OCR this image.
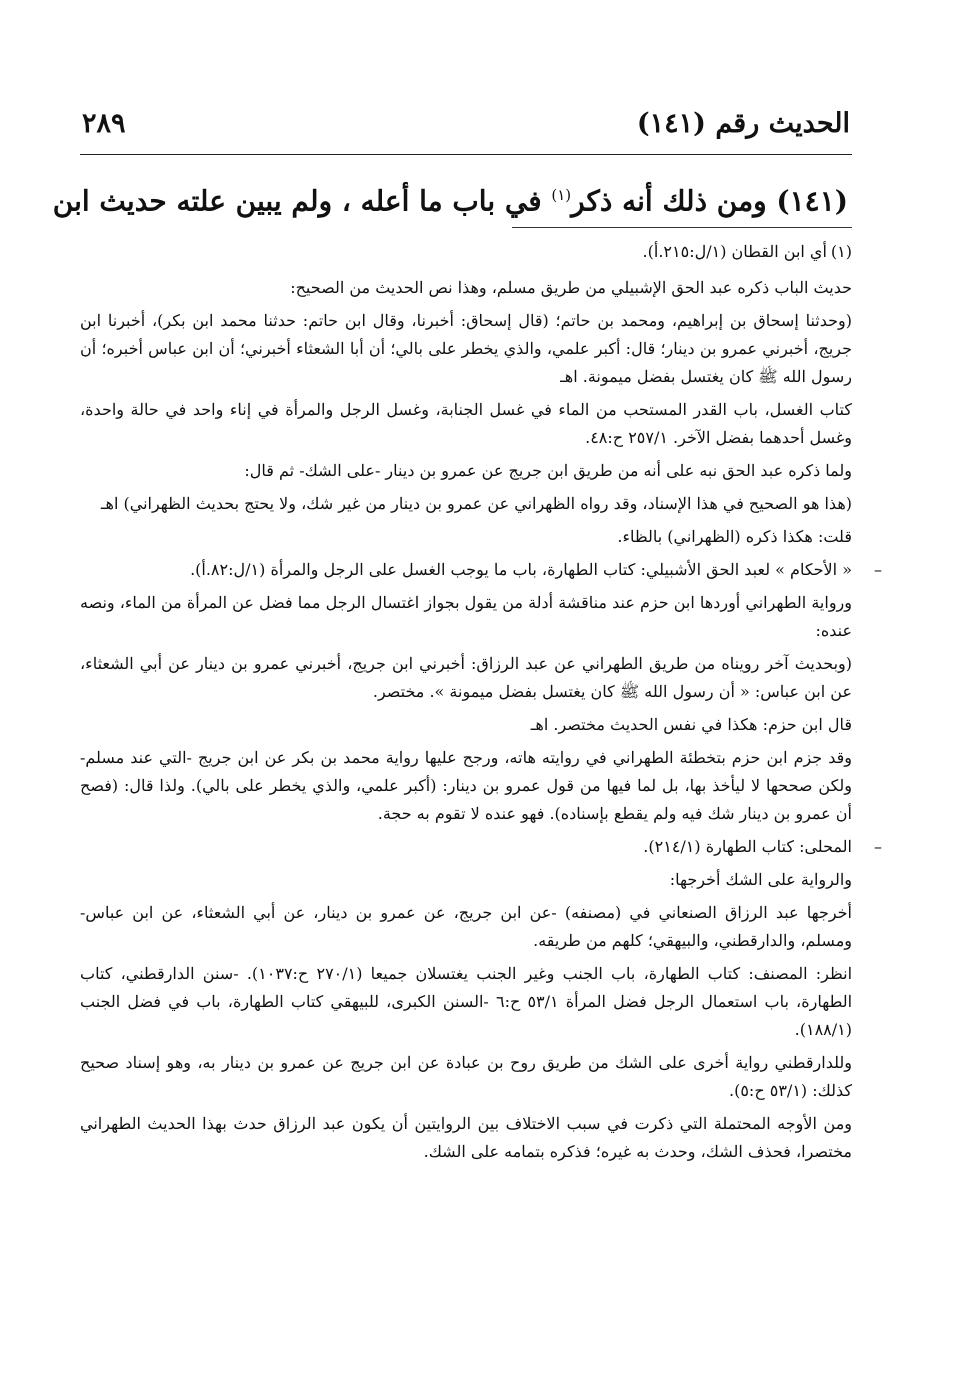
الحديث رقم (١٤١)
٢٨٩
(١٤١) ومن ذلك أنه ذكر$^{(١)}$ في باب ما أعله ، ولم يبين علته حديث ابن

(١)أي ابن القطان (١/ل:٢١٥.أ).

حديث الباب ذكره عبد الحق الإشبيلي من طريق مسلم، وهذا نص الحديث من الصحيح:

(وحدثنا إسحاق بن إبراهيم، ومحمد بن حاتم؛ (قال إسحاق: أخبرنا، وقال ابن حاتم: حدثنا محمد ابن بكر)، أخبرنا ابن جريج، أخبرني عمرو بن دينار؛ قال: أكبر علمي، والذي يخطر على بالي؛ أن أبا الشعثاء أخبرني؛ أن ابن عباس أخبره؛ أن رسول الله ﷺ كان يغتسل بفضل ميمونة. اهـ

كتاب الغسل، باب القدر المستحب من الماء في غسل الجنابة، وغسل الرجل والمرأة في إناء واحد في حالة واحدة، وغسل أحدهما بفضل الآخر. ٢٥٧/١ ح:٤٨.

ولما ذكره عبد الحق نبه على أنه من طريق ابن جريج عن عمرو بن دينار -على الشك- ثم قال:

(هذا هو الصحيح في هذا الإسناد، وقد رواه الظهراني عن عمرو بن دينار من غير شك، ولا يحتج بحديث الظهراني) اهـ

قلت: هكذا ذكره (الظهراني) بالظاء.

– « الأحكام » لعبد الحق الأشبيلي: كتاب الطهارة، باب ما يوجب الغسل على الرجل والمرأة (١/ل:٨٢.أ).

ورواية الطهراني أوردها ابن حزم عند مناقشة أدلة من يقول بجواز اغتسال الرجل مما فضل عن المرأة من الماء، ونصه عنده:

(وبحديث آخر رويناه من طريق الطهراني عن عبد الرزاق: أخبرني ابن جريج، أخبرني عمرو بن دينار عن أبي الشعثاء، عن ابن عباس: « أن رسول الله ﷺ كان يغتسل بفضل ميمونة ». مختصر.

قال ابن حزم: هكذا في نفس الحديث مختصر. اهـ

وقد جزم ابن حزم بتخطئة الطهراني في روايته هاته، ورجح عليها رواية محمد بن بكر عن ابن جريج -التي عند مسلم- ولكن صححها لا ليأخذ بها، بل لما فيها من قول عمرو بن دينار: (أكبر علمي، والذي يخطر على بالي). ولذا قال: (فصح أن عمرو بن دينار شك فيه ولم يقطع بإسناده). فهو عنده لا تقوم به حجة.

– المحلى: كتاب الطهارة (٢١٤/١).

والرواية على الشك أخرجها:

أخرجها عبد الرزاق الصنعاني في (مصنفه) -عن ابن جريج، عن عمرو بن دينار، عن أبي الشعثاء، عن ابن عباس- ومسلم، والدارقطني، والبيهقي؛ كلهم من طريقه.

انظر: المصنف: كتاب الطهارة، باب الجنب وغير الجنب يغتسلان جميعا (٢٧٠/١ ح:١٠٣٧). -سنن الدارقطني، كتاب الطهارة، باب استعمال الرجل فضل المرأة ٥٣/١ ح:٦ -السنن الكبرى، للبيهقي كتاب الطهارة، باب في فضل الجنب (١٨٨/١).

وللدارقطني رواية أخرى على الشك من طريق روح بن عبادة عن ابن جريج عن عمرو بن دينار به، وهو إسناد صحيح كذلك: (٥٣/١ ح:٥).

ومن الأوجه المحتملة التي ذكرت في سبب الاختلاف بين الروايتين أن يكون عبد الرزاق حدث بهذا الحديث الطهراني مختصرا، فحذف الشك، وحدث به غيره؛ فذكره بتمامه على الشك.
